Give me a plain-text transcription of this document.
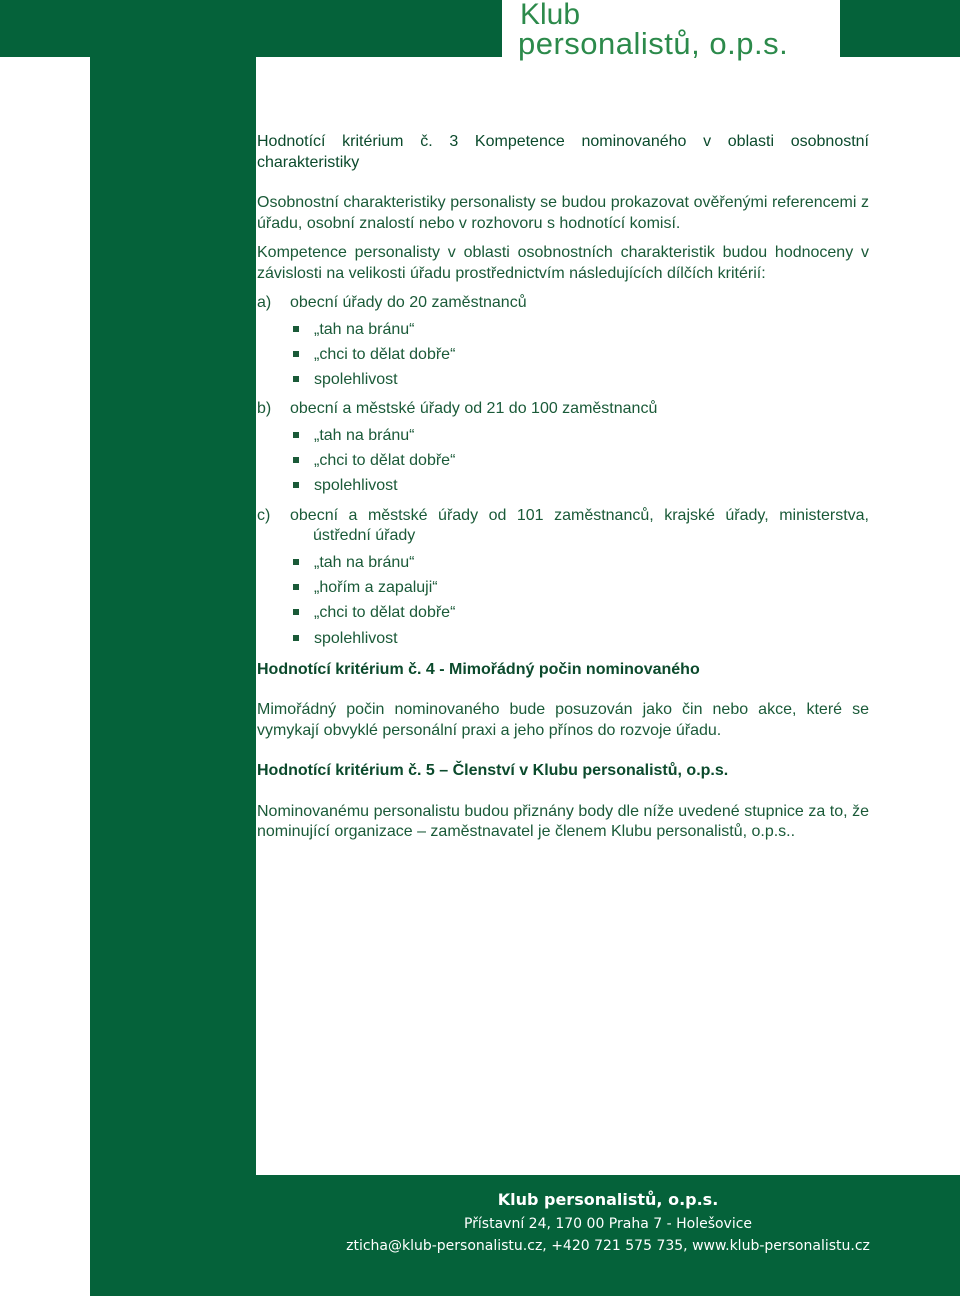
Klub
personalistů, o.p.s.

Hodnotící kritérium č. 3 Kompetence nominovaného v oblasti osobnostní charakteristiky

Osobnostní charakteristiky personalisty se budou prokazovat ověřenými referencemi z úřadu, osobní znalostí nebo v rozhovoru s hodnotící komisí.

Kompetence personalisty v oblasti osobnostních charakteristik budou hodnoceny v závislosti na velikosti úřadu prostřednictvím následujících dílčích kritérií:

a) obecní úřady do 20 zaměstnanců
„tah na bránu“
„chci to dělat dobře“
spolehlivost
b) obecní a městské úřady od 21 do 100 zaměstnanců
„tah na bránu“
„chci to dělat dobře“
spolehlivost
c) obecní a městské úřady od 101 zaměstnanců, krajské úřady, ministerstva, ústřední úřady
„tah na bránu“
„hořím a zapaluji“
„chci to dělat dobře“
spolehlivost

Hodnotící kritérium č. 4 - Mimořádný počin nominovaného

Mimořádný počin nominovaného bude posuzován jako čin nebo akce, které se vymykají obvyklé personální praxi a jeho přínos do rozvoje úřadu.

Hodnotící kritérium č. 5 – Členství v Klubu personalistů, o.p.s.

Nominovanému personalistu budou přiznány body dle níže uvedené stupnice za to, že nominující organizace – zaměstnavatel je členem Klubu personalistů, o.p.s..

Klub personalistů, o.p.s.
Přístavní 24, 170 00 Praha 7 - Holešovice
zticha@klub-personalistu.cz, +420 721 575 735, www.klub-personalistu.cz
